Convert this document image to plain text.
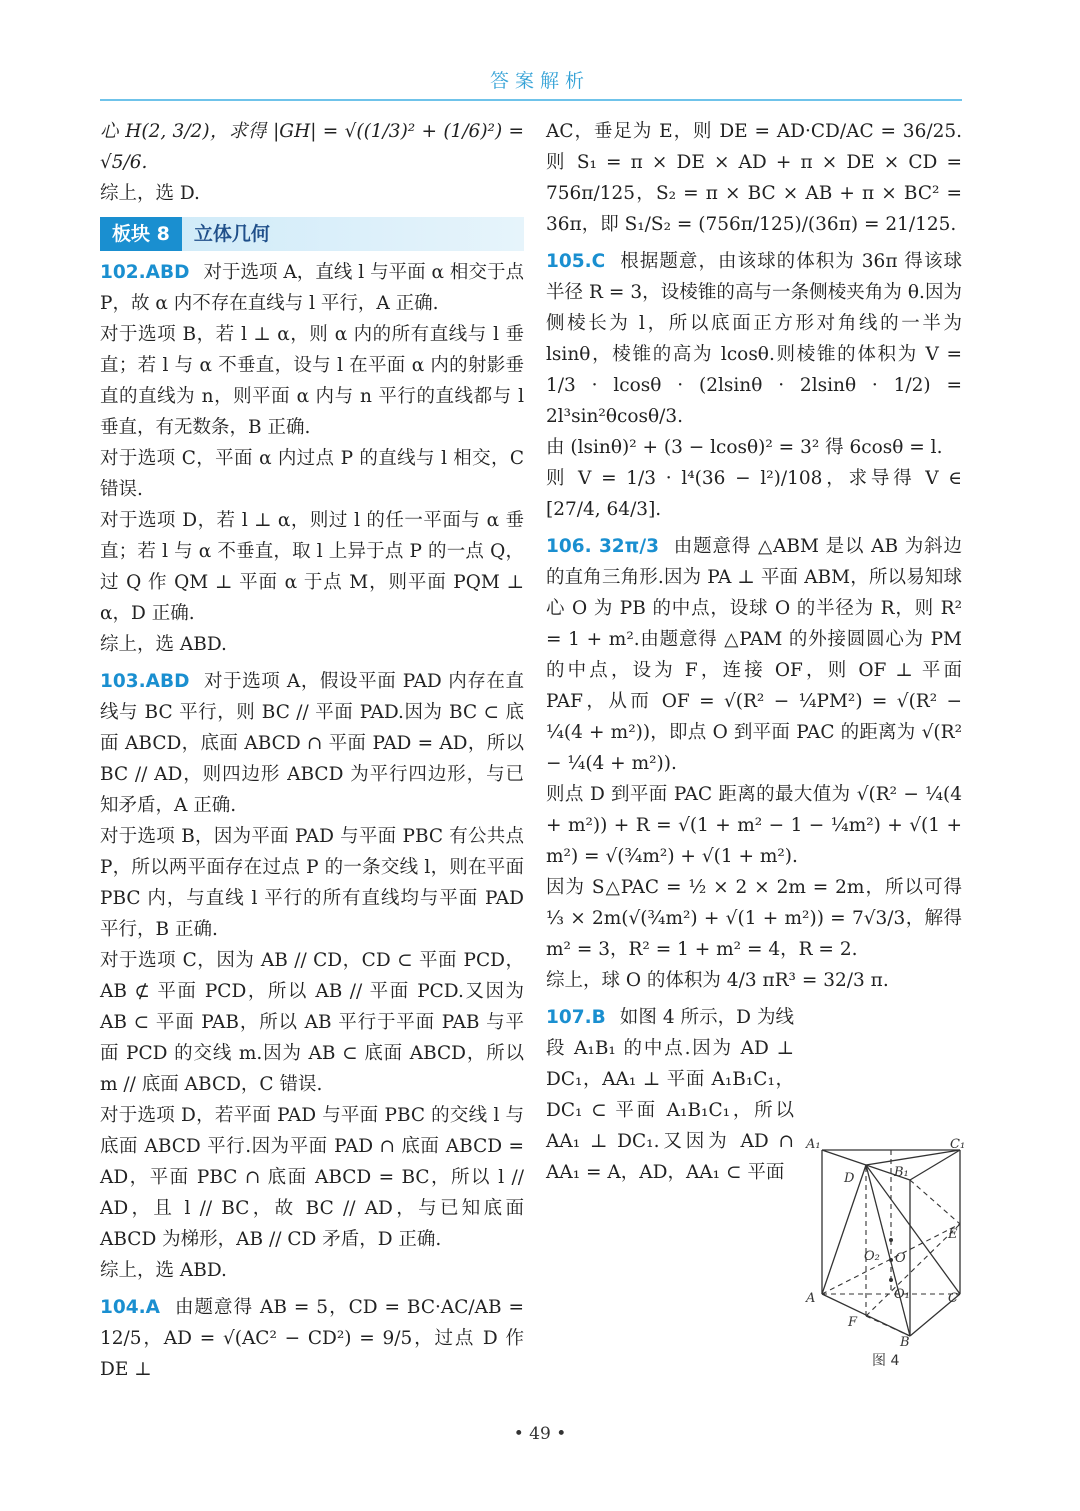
答案解析

心 H(2, 3/2)，求得 |GH| = √((1/3)² + (1/6)²) = √5/6.

综上，选 D.

板块 8	立体几何

102.ABD 对于选项 A，直线 l 与平面 α 相交于点 P，故 α 内不存在直线与 l 平行，A 正确.

对于选项 B，若 l ⊥ α，则 α 内的所有直线与 l 垂直；若 l 与 α 不垂直，设与 l 在平面 α 内的射影垂直的直线为 n，则平面 α 内与 n 平行的直线都与 l 垂直，有无数条，B 正确.

对于选项 C，平面 α 内过点 P 的直线与 l 相交，C 错误.

对于选项 D，若 l ⊥ α，则过 l 的任一平面与 α 垂直；若 l 与 α 不垂直，取 l 上异于点 P 的一点 Q，过 Q 作 QM ⊥ 平面 α 于点 M，则平面 PQM ⊥ α，D 正确.

综上，选 ABD.

103.ABD 对于选项 A，假设平面 PAD 内存在直线与 BC 平行，则 BC // 平面 PAD.因为 BC ⊂ 底面 ABCD，底面 ABCD ∩ 平面 PAD = AD，所以 BC // AD，则四边形 ABCD 为平行四边形，与已知矛盾，A 正确.

对于选项 B，因为平面 PAD 与平面 PBC 有公共点 P，所以两平面存在过点 P 的一条交线 l，则在平面 PBC 内，与直线 l 平行的所有直线均与平面 PAD 平行，B 正确.

对于选项 C，因为 AB // CD，CD ⊂ 平面 PCD，AB ⊄ 平面 PCD，所以 AB // 平面 PCD.又因为 AB ⊂ 平面 PAB，所以 AB 平行于平面 PAB 与平面 PCD 的交线 m.因为 AB ⊂ 底面 ABCD，所以 m // 底面 ABCD，C 错误.

对于选项 D，若平面 PAD 与平面 PBC 的交线 l 与底面 ABCD 平行.因为平面 PAD ∩ 底面 ABCD = AD，平面 PBC ∩ 底面 ABCD = BC，所以 l // AD，且 l // BC，故 BC // AD，与已知底面 ABCD 为梯形，AB // CD 矛盾，D 正确.

综上，选 ABD.

104.A 由题意得 AB = 5，CD = BC·AC/AB = 12/5，AD = √(AC² − CD²) = 9/5，过点 D 作 DE ⊥

AC，垂足为 E，则 DE = AD·CD/AC = 36/25.则 S₁ = π × DE × AD + π × DE × CD = 756π/125，S₂ = π × BC × AB + π × BC² = 36π，即 S₁/S₂ = (756π/125)/(36π) = 21/125.

105.C 根据题意，由该球的体积为 36π 得该球半径 R = 3，设棱锥的高与一条侧棱夹角为 θ.因为侧棱长为 l，所以底面正方形对角线的一半为 lsinθ，棱锥的高为 lcosθ.则棱锥的体积为 V = 1/3 · lcosθ · (2lsinθ · 2lsinθ · 1/2) = 2l³sin²θcosθ/3.

由 (lsinθ)² + (3 − lcosθ)² = 3² 得 6cosθ = l.

则 V = 1/3 · l⁴(36 − l²)/108，求导得 V ∈ [27/4, 64/3].

106. 32π/3 由题意得 △ABM 是以 AB 为斜边的直角三角形.因为 PA ⊥ 平面 ABM，所以易知球心 O 为 PB 的中点，设球 O 的半径为 R，则 R² = 1 + m².由题意得 △PAM 的外接圆圆心为 PM 的中点，设为 F，连接 OF，则 OF ⊥ 平面 PAF，从而 OF = √(R² − ¼PM²) = √(R² − ¼(4 + m²))，即点 O 到平面 PAC 的距离为 √(R² − ¼(4 + m²)).

则点 D 到平面 PAC 距离的最大值为 √(R² − ¼(4 + m²)) + R = √(1 + m² − 1 − ¼m²) + √(1 + m²) = √(¾m²) + √(1 + m²).

因为 S△PAC = ½ × 2 × 2m = 2m，所以可得 ⅓ × 2m(√(¾m²) + √(1 + m²)) = 7√3/3，解得 m² = 3，R² = 1 + m² = 4，R = 2.

综上，球 O 的体积为 4/3 πR³ = 32/3 π.

107.B 如图 4 所示，D 为线段 A₁B₁ 的中点.因为 AD ⊥ DC₁，AA₁ ⊥ 平面 A₁B₁C₁，DC₁ ⊂ 平面 A₁B₁C₁，所以 AA₁ ⊥ DC₁.又因为 AD ∩ AA₁ = A，AD，AA₁ ⊂ 平面

A₁	C₁
B₁
D
E
O₂ O
O₁
A	C
F
B
图 4
• 49 •
